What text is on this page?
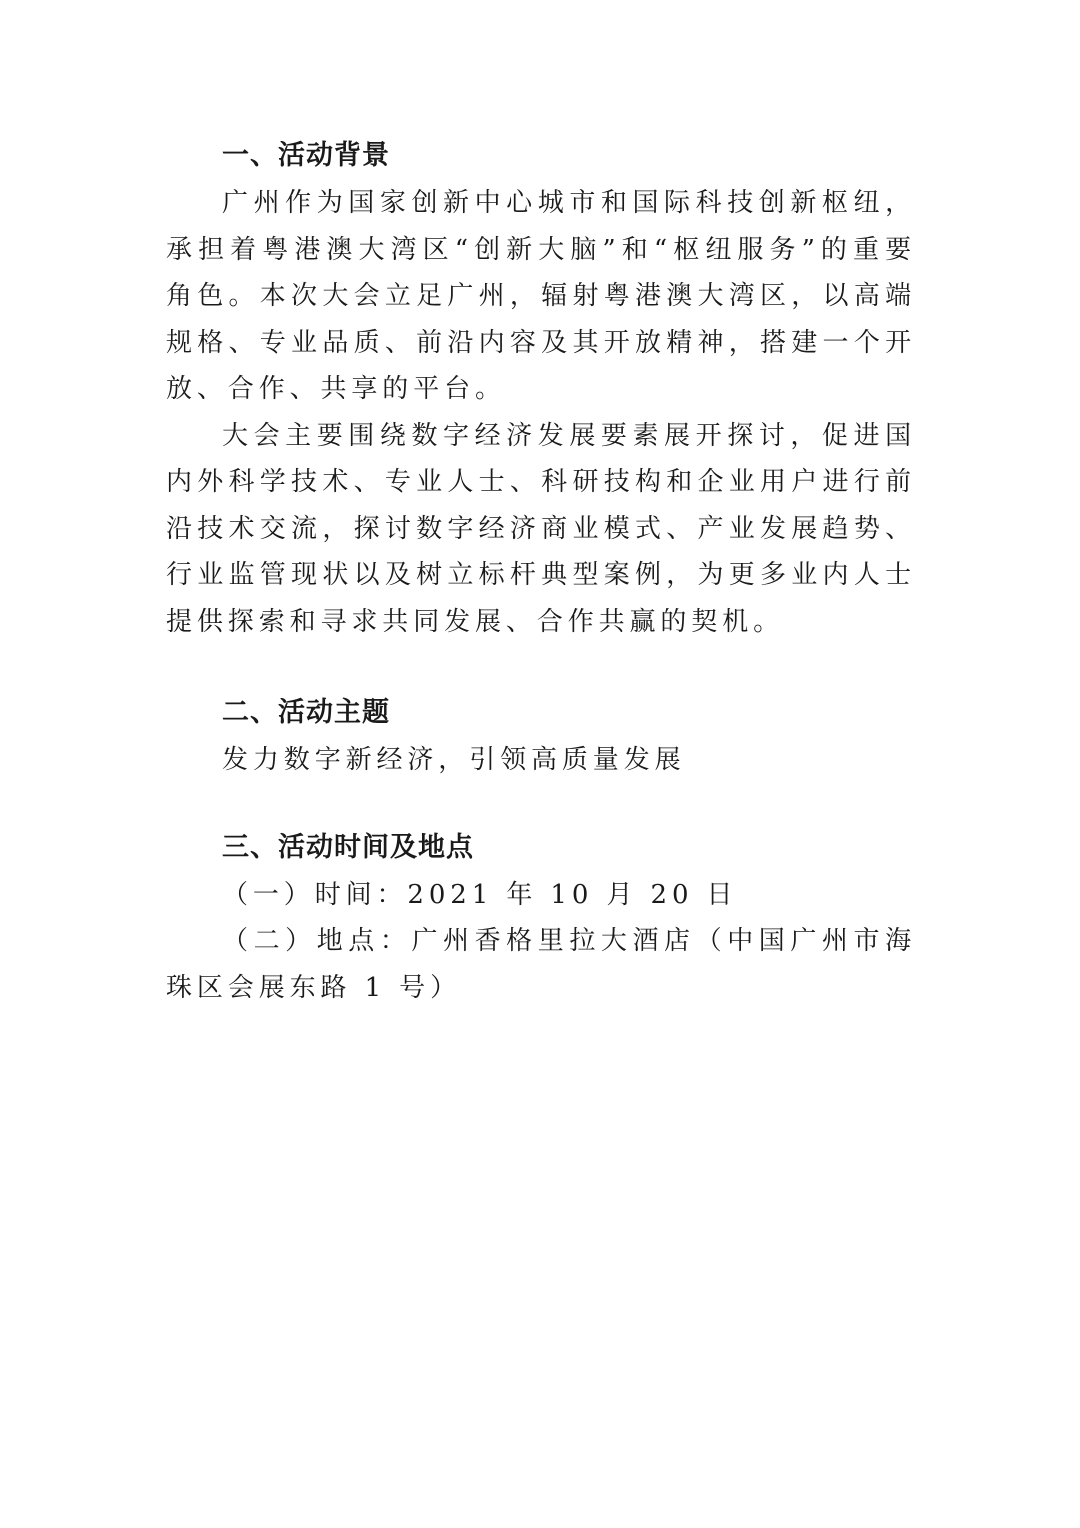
一、活动背景

广州作为国家创新中心城市和国际科技创新枢纽，承担着粤港澳大湾区“创新大脑”和“枢纽服务”的重要角色。本次大会立足广州，辐射粤港澳大湾区，以高端规格、专业品质、前沿内容及其开放精神，搭建一个开放、合作、共享的平台。

大会主要围绕数字经济发展要素展开探讨，促进国内外科学技术、专业人士、科研技构和企业用户进行前沿技术交流，探讨数字经济商业模式、产业发展趋势、行业监管现状以及树立标杆典型案例，为更多业内人士提供探索和寻求共同发展、合作共赢的契机。

二、活动主题

发力数字新经济，引领高质量发展

三、活动时间及地点

（一）时间：2021 年 10 月 20 日

（二）地点：广州香格里拉大酒店（中国广州市海珠区会展东路 1 号）
